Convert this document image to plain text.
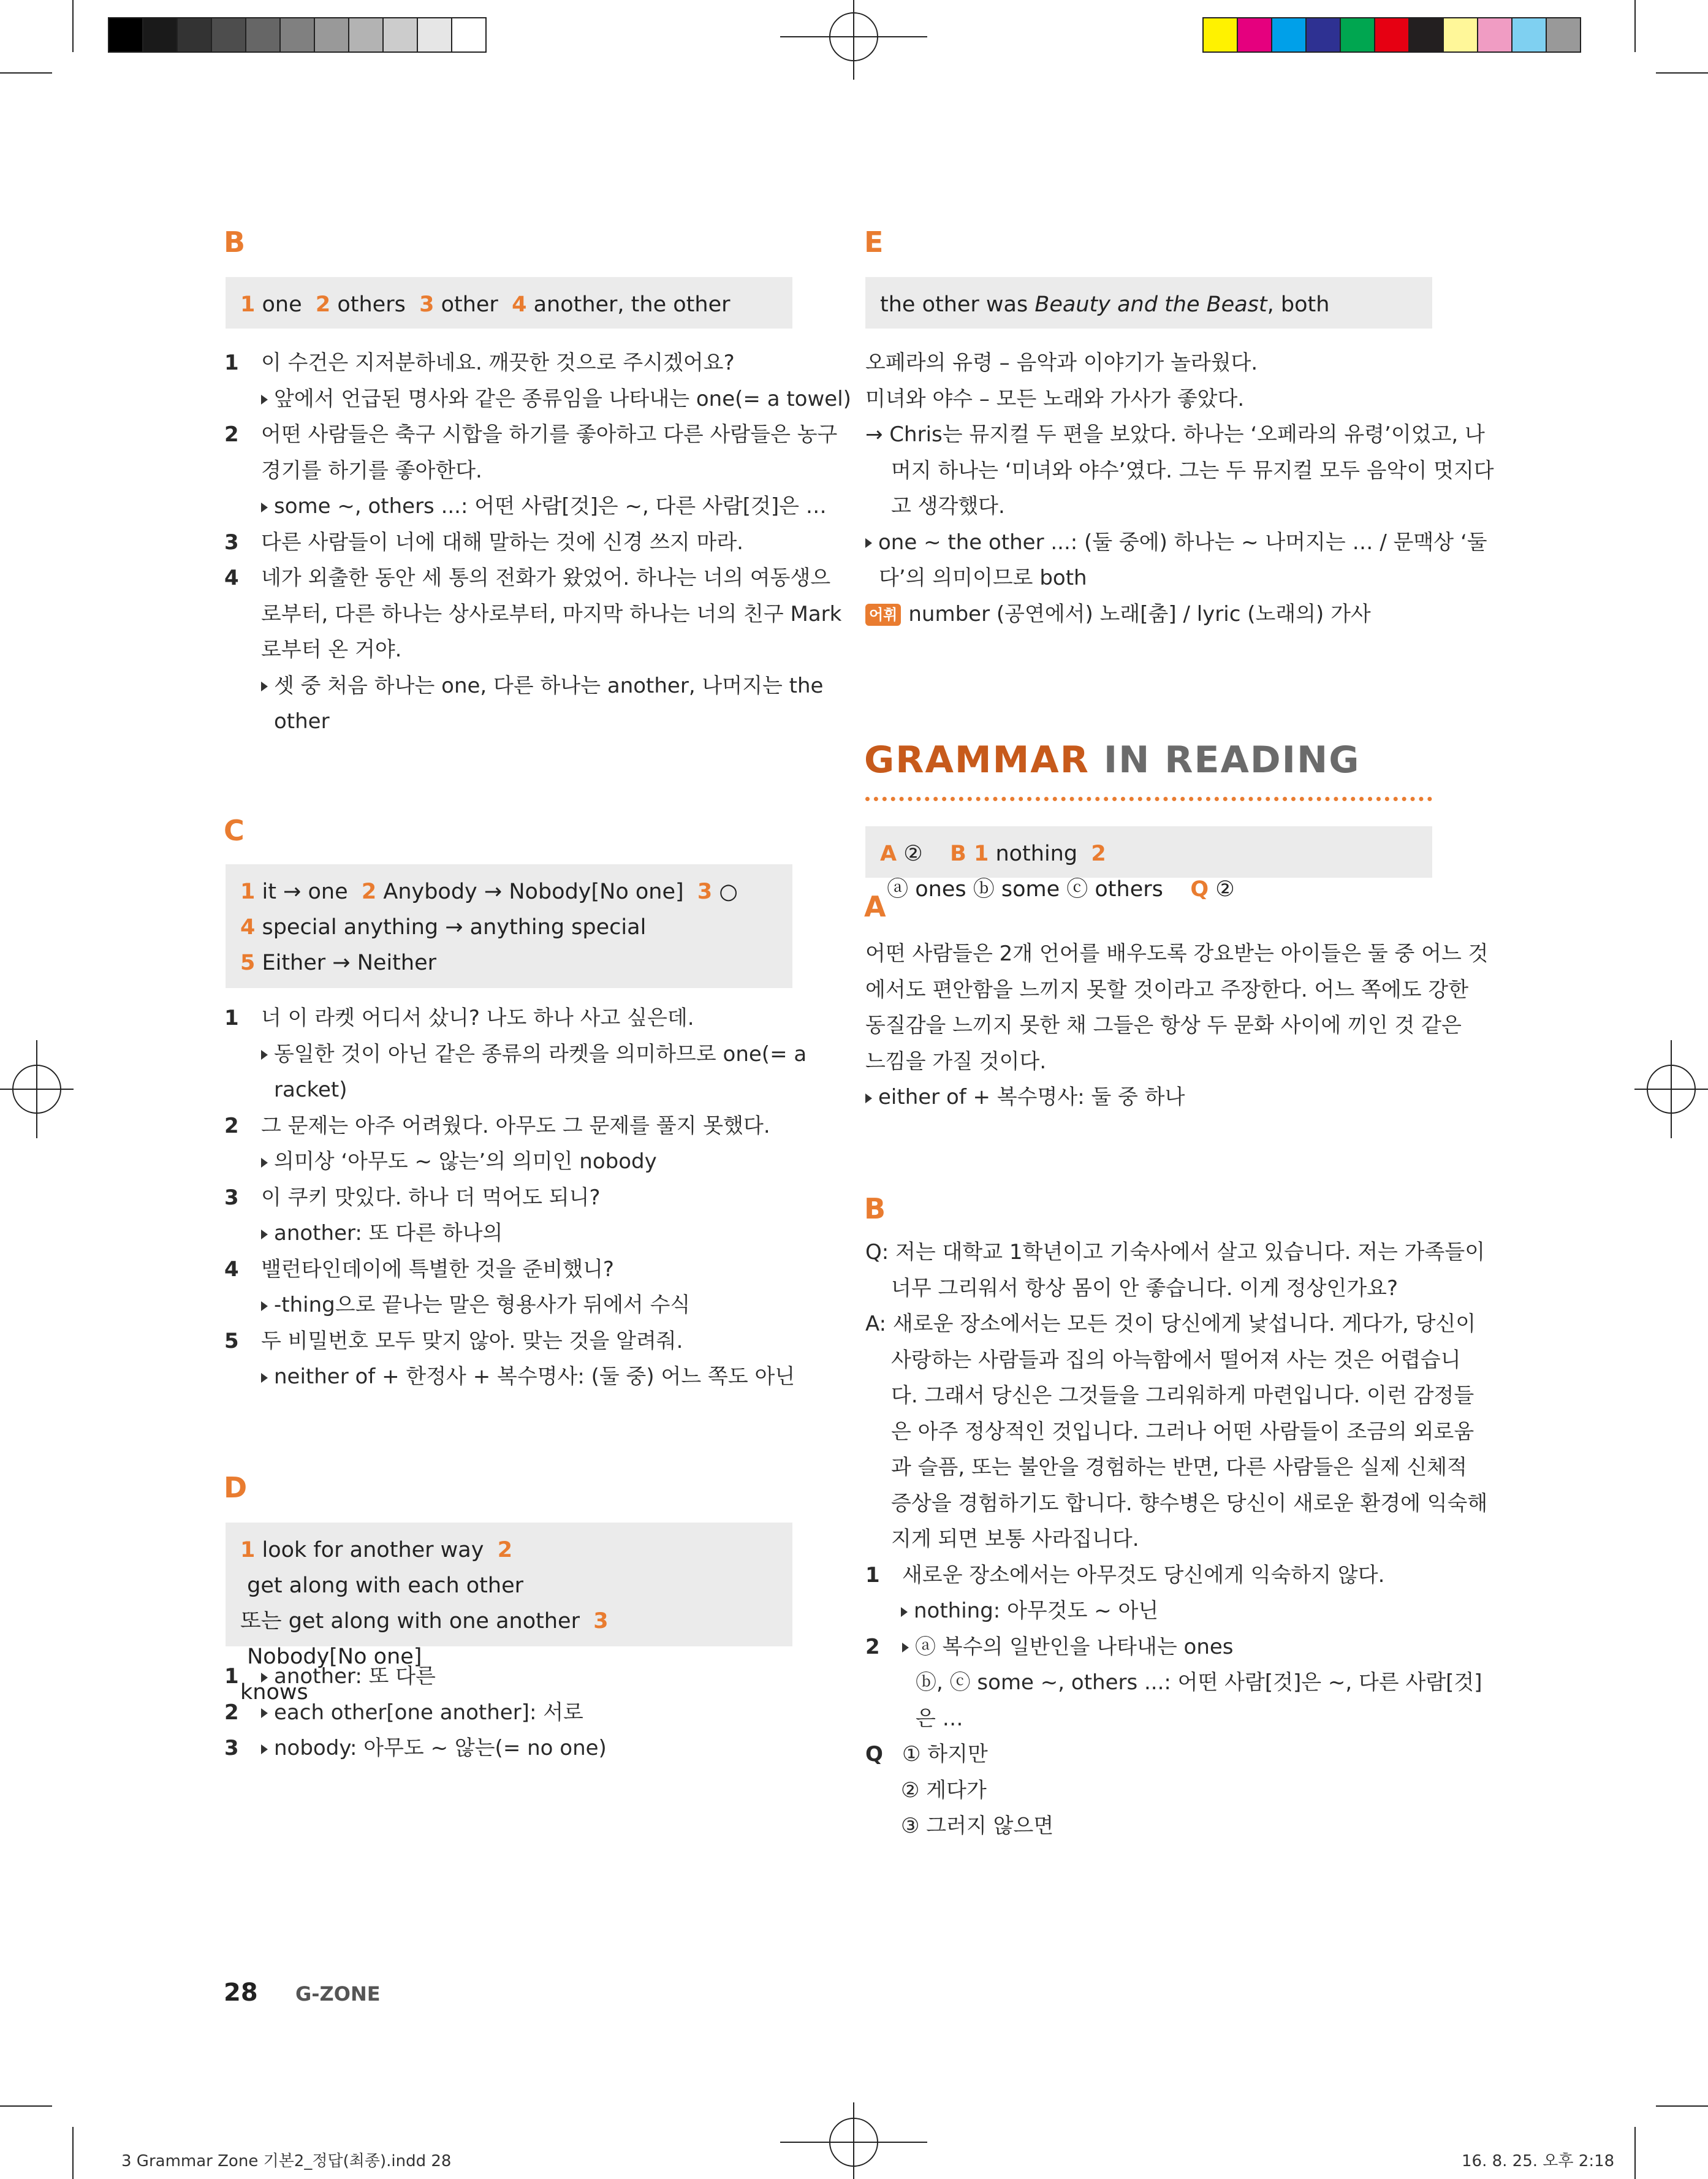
B
1 one  2 others  3 other  4 another, the other
1 이 수건은 지저분하네요. 깨끗한 것으로 주시겠어요?
앞에서 언급된 명사와 같은 종류임을 나타내는 one(= a towel)
2 어떤 사람들은 축구 시합을 하기를 좋아하고 다른 사람들은 농구
경기를 하기를 좋아한다.
some ~, others ...: 어떤 사람[것]은 ~, 다른 사람[것]은 …
3 다른 사람들이 너에 대해 말하는 것에 신경 쓰지 마라.
4 네가 외출한 동안 세 통의 전화가 왔었어. 하나는 너의 여동생으
로부터, 다른 하나는 상사로부터, 마지막 하나는 너의 친구 Mark
로부터 온 거야.
셋 중 처음 하나는 one, 다른 하나는 another, 나머지는 the
other
C
1 it → one  2 Anybody → Nobody[No one]  3 ○
4 special anything → anything special
5 Either → Neither
1 너 이 라켓 어디서 샀니? 나도 하나 사고 싶은데.
동일한 것이 아닌 같은 종류의 라켓을 의미하므로 one(= a
racket)
2 그 문제는 아주 어려웠다. 아무도 그 문제를 풀지 못했다.
의미상 ‘아무도 ~ 않는’의 의미인 nobody
3 이 쿠키 맛있다. 하나 더 먹어도 되니?
another: 또 다른 하나의
4 밸런타인데이에 특별한 것을 준비했니?
-thing으로 끝나는 말은 형용사가 뒤에서 수식
5 두 비밀번호 모두 맞지 않아. 맞는 것을 알려줘.
neither of + 한정사 + 복수명사: (둘 중) 어느 쪽도 아닌
D
1 look for another way  2 get along with each other
또는 get along with one another  3 Nobody[No one]
knows
1	another: 또 다른
2	each other[one another]: 서로
3	nobody: 아무도 ~ 않는(= no one)
E
the other was Beauty and the Beast, both
오페라의 유령 – 음악과 이야기가 놀라웠다.
미녀와 야수 – 모든 노래와 가사가 좋았다.
→ Chris는 뮤지컬 두 편을 보았다. 하나는 ‘오페라의 유령’이었고, 나
머지 하나는 ‘미녀와 야수’였다. 그는 두 뮤지컬 모두 음악이 멋지다
고 생각했다.
one ~ the other ...: (둘 중에) 하나는 ~ 나머지는 … / 문맥상 ‘둘
다’의 의미이므로 both
어휘 number (공연에서) 노래[춤] / lyric (노래의) 가사
GRAMMAR IN READING
A ②    B 1 nothing  2 ⓐ ones ⓑ some ⓒ others    Q ②
A
어떤 사람들은 2개 언어를 배우도록 강요받는 아이들은 둘 중 어느 것
에서도 편안함을 느끼지 못할 것이라고 주장한다. 어느 쪽에도 강한
동질감을 느끼지 못한 채 그들은 항상 두 문화 사이에 끼인 것 같은
느낌을 가질 것이다.
either of + 복수명사: 둘 중 하나
B
Q: 저는 대학교 1학년이고 기숙사에서 살고 있습니다. 저는 가족들이
너무 그리워서 항상 몸이 안 좋습니다. 이게 정상인가요?
A: 새로운 장소에서는 모든 것이 당신에게 낯섭니다. 게다가, 당신이
사랑하는 사람들과 집의 아늑함에서 떨어져 사는 것은 어렵습니
다. 그래서 당신은 그것들을 그리워하게 마련입니다. 이런 감정들
은 아주 정상적인 것입니다. 그러나 어떤 사람들이 조금의 외로움
과 슬픔, 또는 불안을 경험하는 반면, 다른 사람들은 실제 신체적
증상을 경험하기도 합니다. 향수병은 당신이 새로운 환경에 익숙해
지게 되면 보통 사라집니다.
1 새로운 장소에서는 아무것도 당신에게 익숙하지 않다.
nothing: 아무것도 ~ 아닌
2	ⓐ 복수의 일반인을 나타내는 ones
ⓑ, ⓒ some ~, others ...: 어떤 사람[것]은 ~, 다른 사람[것]
은 …
Q ① 하지만
② 게다가
③ 그러지 않으면
28 G-ZONE
3 Grammar Zone 기본2_정답(최종).indd 28	16. 8. 25. 오후 2:18
